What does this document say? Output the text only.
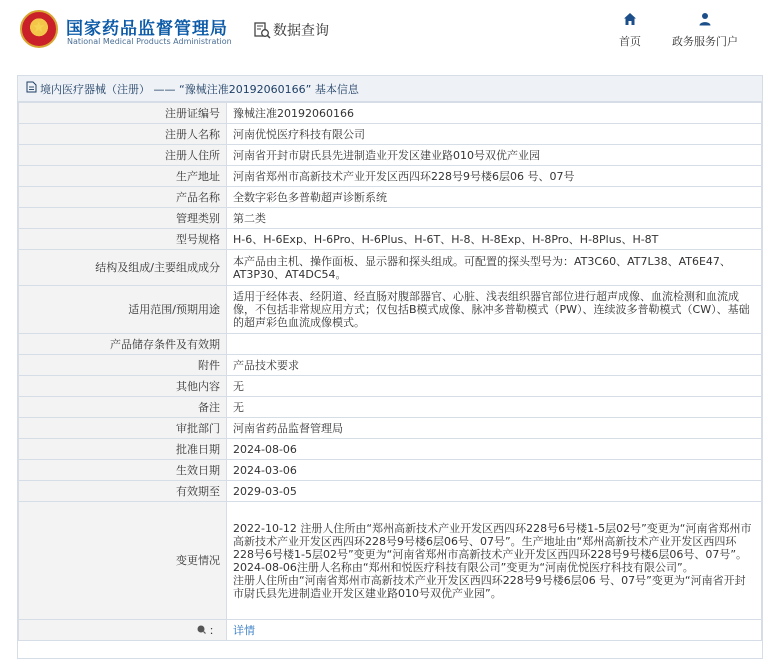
★
国家药品监督管理局
National Medical Products Administration
数据查询
首页	政务服务门户
境内医疗器械（注册） —— “豫械注准20192060166” 基本信息
注册证编号	豫械注准20192060166
注册人名称	河南优悦医疗科技有限公司
注册人住所	河南省开封市尉氏县先进制造业开发区建业路010号双优产业园
生产地址	河南省郑州市高新技术产业开发区西四环228号9号楼6层06 号、07号
产品名称	全数字彩色多普勒超声诊断系统
管理类别	第二类
型号规格	H-6、H-6Exp、H-6Pro、H-6Plus、H-6T、H-8、H-8Exp、H-8Pro、H-8Plus、H-8T
结构及组成/主要组成成分	本产品由主机、操作面板、显示器和探头组成。可配置的探头型号为：AT3C60、AT7L38、AT6E47、AT3P30、AT4DC54。
适用范围/预期用途	适用于经体表、经阴道、经直肠对腹部器官、心脏、浅表组织器官部位进行超声成像、血流检测和血流成像，不包括非常规应用方式；仅包括B模式成像、脉冲多普勒模式（PW）、连续波多普勒模式（CW）、基础的超声彩色血流成像模式。
产品储存条件及有效期	
附件	产品技术要求
其他内容	无
备注	无
审批部门	河南省药品监督管理局
批准日期	2024-08-06
生效日期	2024-03-06
有效期至	2029-03-05
变更情况	2022-10-12 注册人住所由“郑州高新技术产业开发区西四环228号6号楼1-5层02号”变更为“河南省郑州市高新技术产业开发区西四环228号9号楼6层06号、07号”。生产地址由“郑州高新技术产业开发区西四环228号6号楼1-5层02号”变更为“河南省郑州市高新技术产业开发区西四环228号9号楼6层06号、07号”。2024-08-06注册人名称由“郑州和悦医疗科技有限公司”变更为“河南优悦医疗科技有限公司”。
注册人住所由“河南省郑州市高新技术产业开发区西四环228号9号楼6层06 号、07号”变更为“河南省开封市尉氏县先进制造业开发区建业路010号双优产业园”。
：	详情
